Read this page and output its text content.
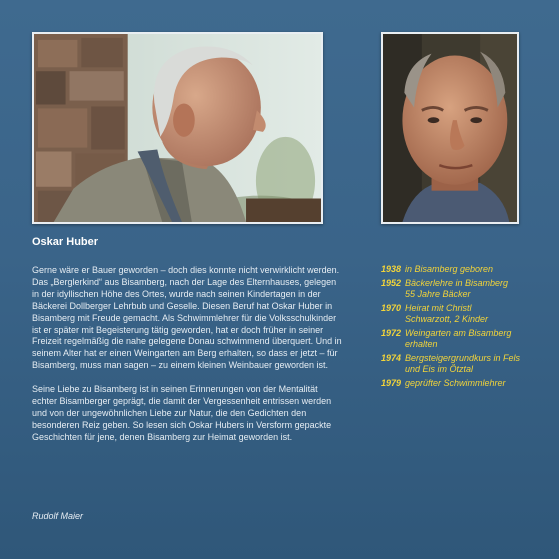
Oskar Huber

Gerne wäre er Bauer geworden – doch dies konnte nicht verwirklicht werden. Das „Berglerkind“ aus Bisamberg, nach der Lage des Elternhauses, gelegen in der idyllischen Höhe des Ortes, wurde nach seinen Kindertagen in der Bäckerei Dollberger Lehrbub und Geselle. Diesen Beruf hat Oskar Huber in Bisamberg mit Freude gemacht. Als Schwimmlehrer für die Volksschulkinder ist er später mit Begeisterung tätig geworden, hat er doch früher in seiner Freizeit regelmäßig die nahe gelegene Donau schwimmend überquert. Und in seinem Alter hat er einen Weingarten am Berg erhalten, so dass er jetzt – für Bisamberg, muss man sagen – zu einem kleinen Weinbauer geworden ist.

Seine Liebe zu Bisamberg ist in seinen Erinnerungen von der Mentalität echter Bisamberger geprägt, die damit der Vergessenheit entrissen werden und von der ungewöhnlichen Liebe zur Natur, die den Gedichten den besonderen Reiz geben. So lesen sich Oskar Hubers in Versform gepackte Geschichten für jene, denen Bisamberg zur Heimat geworden ist.

Rudolf Maier

1938 in Bisamberg geboren
1952 Bäckerlehre in Bisamberg
55 Jahre Bäcker
1970 Heirat mit Christl
Schwarzott, 2 Kinder
1972 Weingarten am Bisamberg
erhalten
1974 Bergsteigergrundkurs in Fels
und Eis im Ötztal
1979 geprüfter Schwimmlehrer
